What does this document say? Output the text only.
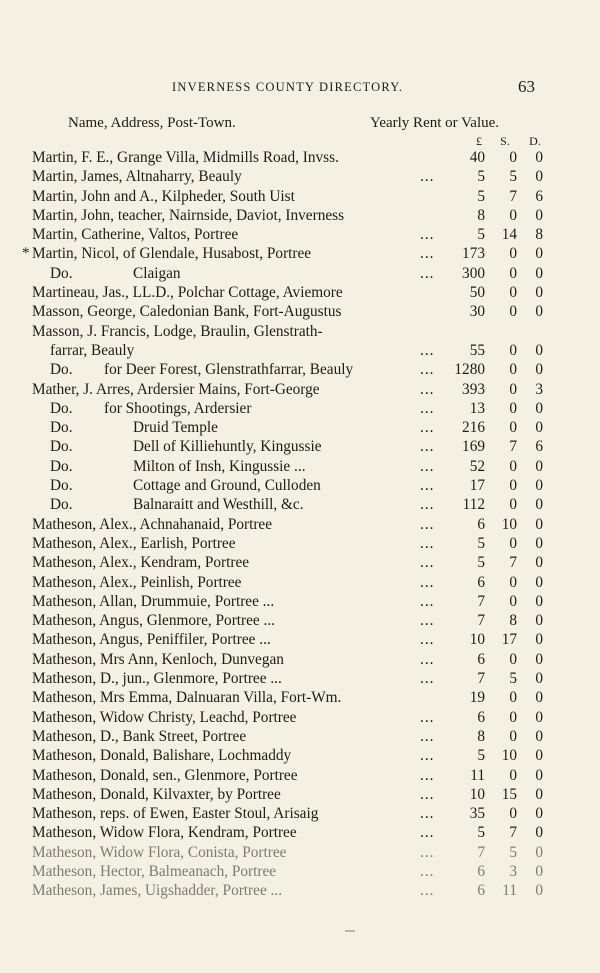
INVERNESS COUNTY DIRECTORY.	63
Name, Address, Post-Town.	Yearly Rent or Value.
£	S.	D.
Martin, F. E., Grange Villa, Midmills Road, Invss.	40 0 0
Martin, James, Altnaharry, Beauly	...	5 5 0
Martin, John and A., Kilpheder, South Uist	5 7 6
Martin, John, teacher, Nairnside, Daviot, Inverness	8 0 0
Martin, Catherine, Valtos, Portree	...	5 14 8
* Martin, Nicol, of Glendale, Husabost, Portree	...	173 0 0
Do.	Claigan	...	300 0 0
Martineau, Jas., LL.D., Polchar Cottage, Aviemore	50 0 0
Masson, George, Caledonian Bank, Fort-Augustus	30 0 0
Masson, J. Francis, Lodge, Braulin, Glenstrath-
farrar, Beauly	...	55 0 0
Do.	for Deer Forest, Glenstrathfarrar, Beauly	...	1280 0 0
Mather, J. Arres, Ardersier Mains, Fort-George	...	393 0 3
Do.	for Shootings, Ardersier	...	13 0 0
Do.	Druid Temple	...	216 0 0
Do.	Dell of Killiehuntly, Kingussie	...	169 7 6
Do.	Milton of Insh, Kingussie ...	...	52 0 0
Do.	Cottage and Ground, Culloden	...	17 0 0
Do.	Balnaraitt and Westhill, &c.	...	112 0 0
Matheson, Alex., Achnahanaid, Portree	...	6 10 0
Matheson, Alex., Earlish, Portree	...	5 0 0
Matheson, Alex., Kendram, Portree	...	5 7 0
Matheson, Alex., Peinlish, Portree	...	6 0 0
Matheson, Allan, Drummuie, Portree ...	...	7 0 0
Matheson, Angus, Glenmore, Portree ...	...	7 8 0
Matheson, Angus, Peniffiler, Portree ...	...	10 17 0
Matheson, Mrs Ann, Kenloch, Dunvegan	...	6 0 0
Matheson, D., jun., Glenmore, Portree ...	...	7 5 0
Matheson, Mrs Emma, Dalnuaran Villa, Fort-Wm.	19 0 0
Matheson, Widow Christy, Leachd, Portree	...	6 0 0
Matheson, D., Bank Street, Portree	...	8 0 0
Matheson, Donald, Balishare, Lochmaddy	...	5 10 0
Matheson, Donald, sen., Glenmore, Portree	...	11 0 0
Matheson, Donald, Kilvaxter, by Portree	...	10 15 0
Matheson, reps. of Ewen, Easter Stoul, Arisaig	...	35 0 0
Matheson, Widow Flora, Kendram, Portree	...	5 7 0
Matheson, Widow Flora, Conista, Portree	...	7 5 0
Matheson, Hector, Balmeanach, Portree	...	6 3 0
Matheson, James, Uigshadder, Portree ...	...	6 11 0
